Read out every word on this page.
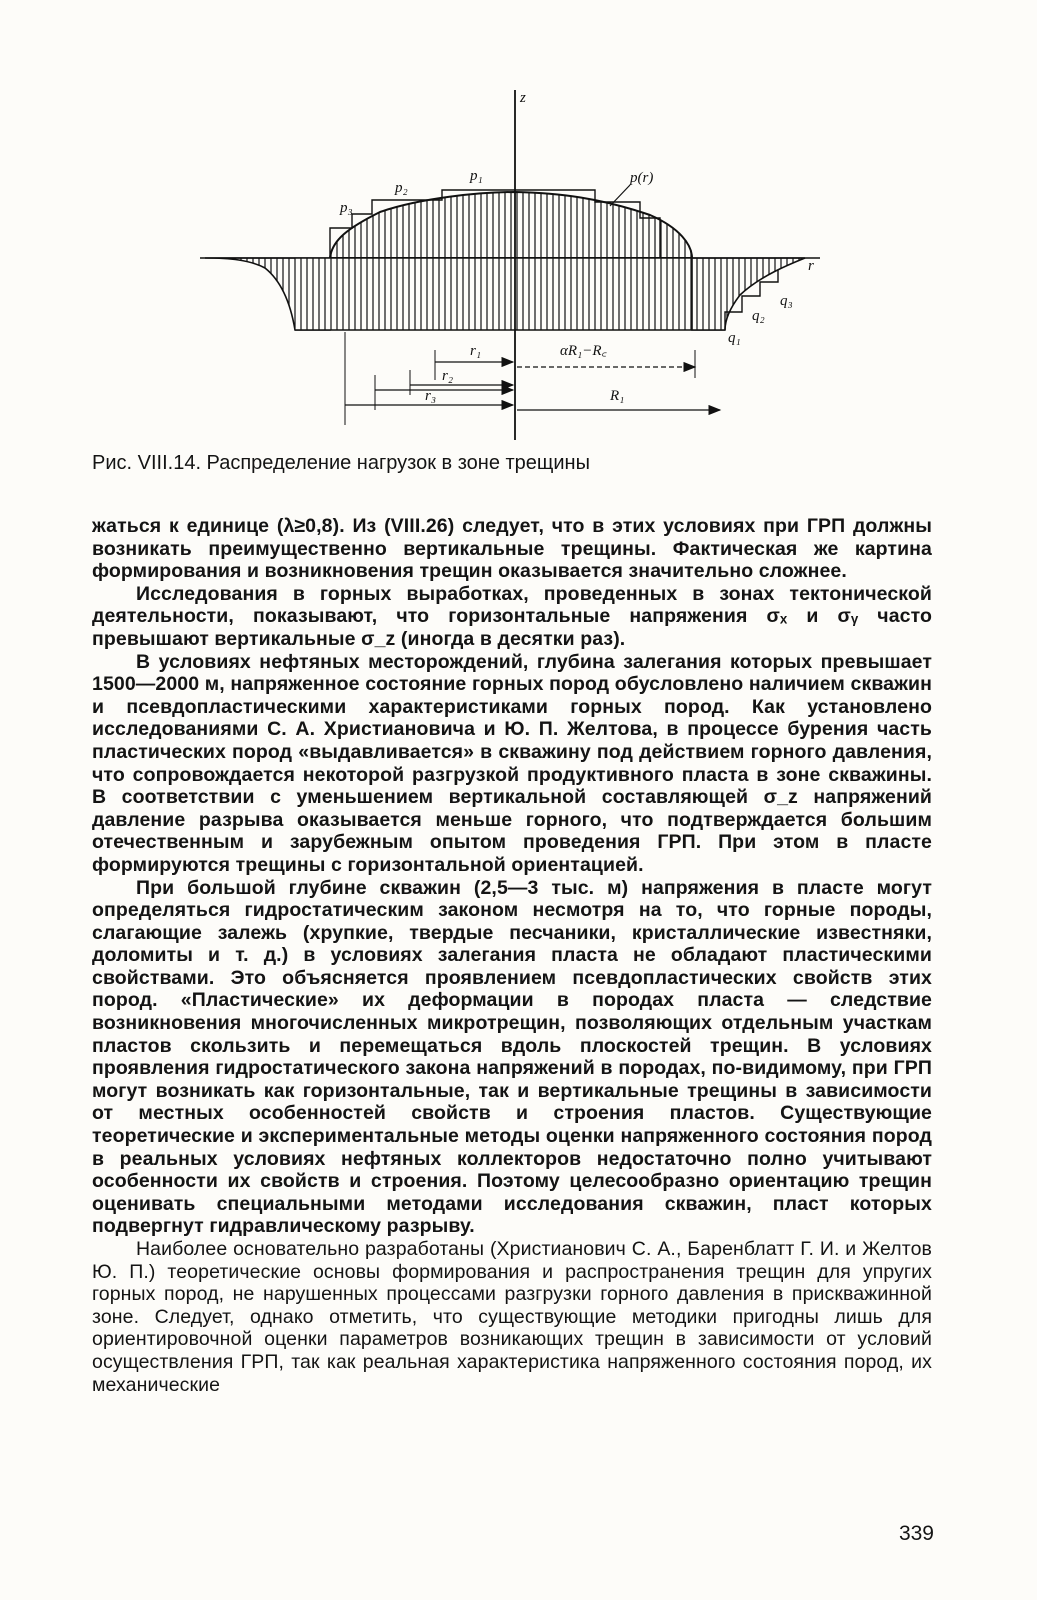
z
p₁
p₂
p₃
p(r)
r
q₁
q₂
q₃
r₁
r₂
r₃
αR₁−R꜀
R₁
Рис. VIII.14. Распределение нагрузок в зоне трещины

жаться к единице (λ≥0,8). Из (VIII.26) следует, что в этих условиях при ГРП должны возникать преимущественно вертикальные трещины. Фактическая же картина формирования и возникновения трещин оказывается значительно сложнее.

Исследования в горных выработках, проведенных в зонах тектонической деятельности, показывают, что горизонтальные напряжения σₓ и σᵧ часто превышают вертикальные σ_z (иногда в десятки раз).

В условиях нефтяных месторождений, глубина залегания которых превышает 1500—2000 м, напряженное состояние горных пород обусловлено наличием скважин и псевдопластическими характеристиками горных пород. Как установлено исследованиями С. А. Христиановича и Ю. П. Желтова, в процессе бурения часть пластических пород «выдавливается» в скважину под действием горного давления, что сопровождается некоторой разгрузкой продуктивного пласта в зоне скважины. В соответствии с уменьшением вертикальной составляющей σ_z напряжений давление разрыва оказывается меньше горного, что подтверждается большим отечественным и зарубежным опытом проведения ГРП. При этом в пласте формируются трещины с горизонтальной ориентацией.

При большой глубине скважин (2,5—3 тыс. м) напряжения в пласте могут определяться гидростатическим законом несмотря на то, что горные породы, слагающие залежь (хрупкие, твердые песчаники, кристаллические известняки, доломиты и т. д.) в условиях залегания пласта не обладают пластическими свойствами. Это объясняется проявлением псевдопластических свойств этих пород. «Пластические» их деформации в породах пласта — следствие возникновения многочисленных микротрещин, позволяющих отдельным участкам пластов скользить и перемещаться вдоль плоскостей трещин. В условиях проявления гидростатического закона напряжений в породах, по-видимому, при ГРП могут возникать как горизонтальные, так и вертикальные трещины в зависимости от местных особенностей свойств и строения пластов. Существующие теоретические и экспериментальные методы оценки напряженного состояния пород в реальных условиях нефтяных коллекторов недостаточно полно учитывают особенности их свойств и строения. Поэтому целесообразно ориентацию трещин оценивать специальными методами исследования скважин, пласт которых подвергнут гидравлическому разрыву.

Наиболее основательно разработаны (Христианович С. А., Баренблатт Г. И. и Желтов Ю. П.) теоретические основы формирования и распространения трещин для упругих горных пород, не нарушенных процессами разгрузки горного давления в прискважинной зоне. Следует, однако отметить, что существующие методики пригодны лишь для ориентировочной оценки параметров возникающих трещин в зависимости от условий осуществления ГРП, так как реальная характеристика напряженного состояния пород, их механические

339
